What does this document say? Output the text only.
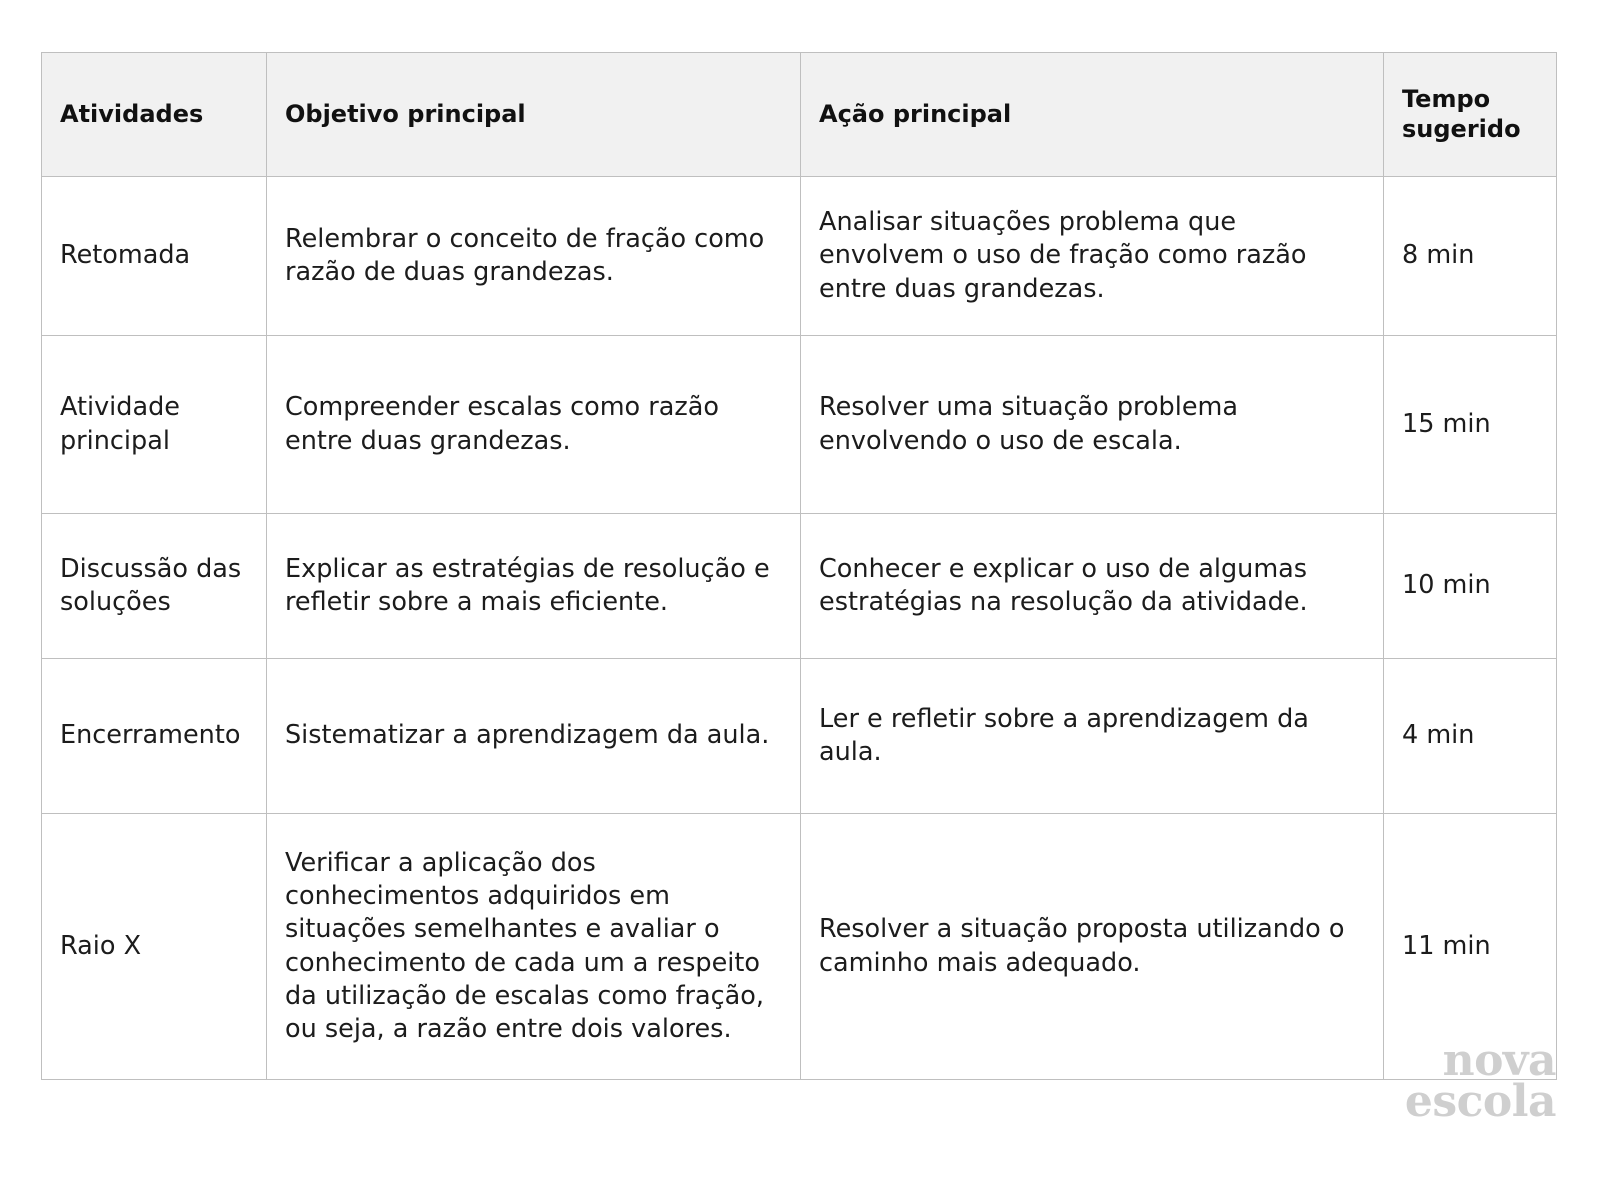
Atividades	Objetivo principal	Ação principal	Tempo
sugerido
Retomada	Relembrar o conceito de fração como razão de duas grandezas.	Analisar situações problema que envolvem o uso de fração como razão entre duas grandezas.	8 min
Atividade principal	Compreender escalas como razão entre duas grandezas.	Resolver uma situação problema envolvendo o uso de escala.	15 min
Discussão das soluções	Explicar as estratégias de resolução e refletir sobre a mais eficiente.	Conhecer e explicar o uso de algumas estratégias na resolução da atividade.	10 min
Encerramento	Sistematizar a aprendizagem da aula.	Ler e refletir sobre a aprendizagem da aula.	4 min
Raio X	Verificar a aplicação dos conhecimentos adquiridos em situações semelhantes e avaliar o conhecimento de cada um a respeito da utilização de escalas como fração, ou seja, a razão entre dois valores.	Resolver a situação proposta utilizando o caminho mais adequado.	11 min
nova
escola
